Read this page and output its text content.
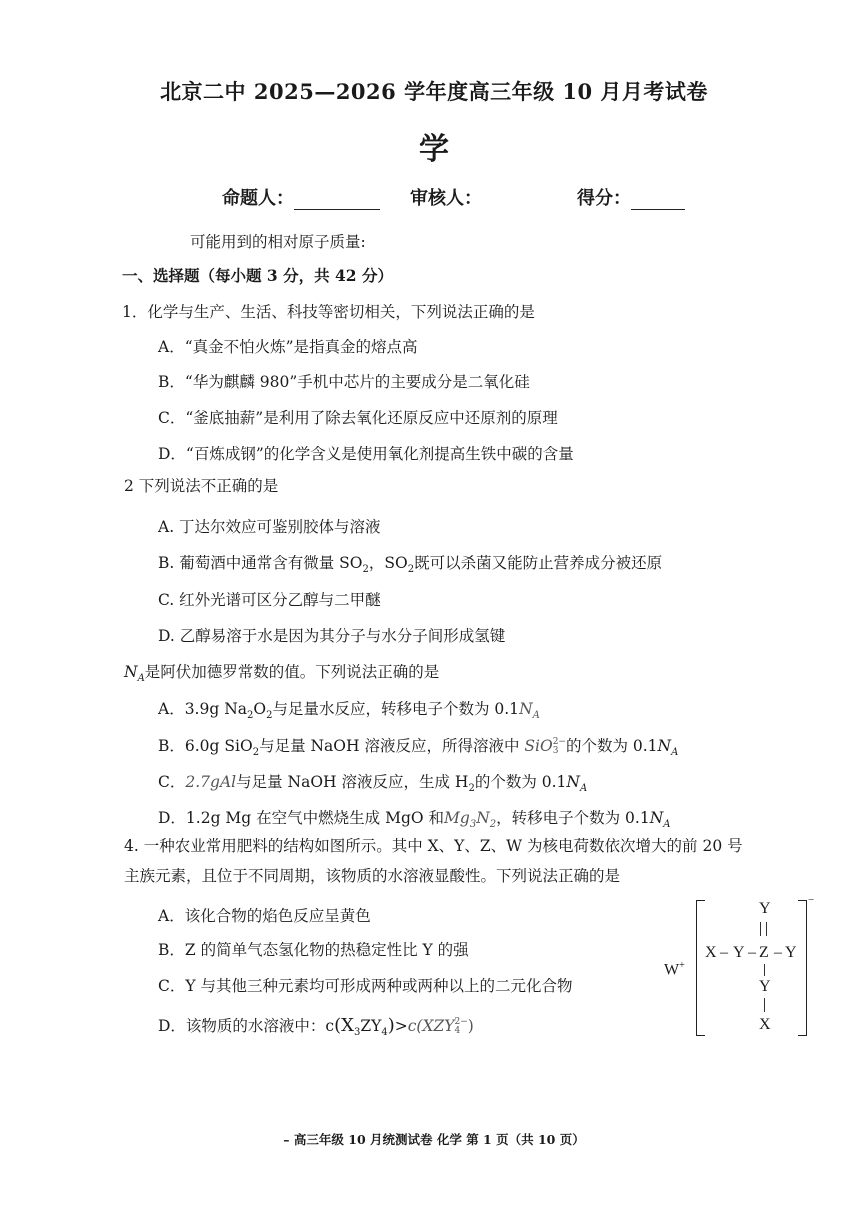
北京二中 2025—2026 学年度高三年级 10 月月考试卷
学
命题人：	审核人：	得分：
可能用到的相对原子质量:
一、选择题（每小题 3 分，共 42 分）
1．化学与生产、生活、科技等密切相关，下列说法正确的是
A．“真金不怕火炼”是指真金的熔点高
B．“华为麒麟 980”手机中芯片的主要成分是二氧化硅
C．“釜底抽薪”是利用了除去氧化还原反应中还原剂的原理
D．“百炼成钢”的化学含义是使用氧化剂提高生铁中碳的含量
2 下列说法不正确的是
A. 丁达尔效应可鉴别胶体与溶液
B. 葡萄酒中通常含有微量 $SO_2$，$SO_2$既可以杀菌又能防止营养成分被还原
C. 红外光谱可区分乙醇与二甲醚
D. 乙醇易溶于水是因为其分子与水分子间形成氢键
$N_A$是阿伏加德罗常数的值。下列说法正确的是
A．3.9g $Na_2O_2$与足量水反应，转移电子个数为 $0.1N_A$
B．6.0g SiO$_2$与足量 NaOH 溶液反应，所得溶液中 SiO 2−
3 的个数为 $0.1N_A$
C．2.7gAl与足量 NaOH 溶液反应，生成 $H_2$的个数为 $0.1N_A$
D．1.2g Mg 在空气中燃烧生成 MgO 和$Mg_3N_2$，转移电子个数为 $0.1N_A$
4. 一种农业常用肥料的结构如图所示。其中 X、Y、Z、W 为核电荷数依次增大的前 20 号
主族元素，且位于不同周期，该物质的水溶液显酸性。下列说法正确的是
A．该化合物的焰色反应呈黄色
B．Z 的简单气态氢化物的热稳定性比 Y 的强
C．Y 与其他三种元素均可形成两种或两种以上的二元化合物
D．该物质的水溶液中：$c(X_3ZY_4)>c(XZY$ 2−
4 )
W+
−
Y
X – Y – Z – Y
Y
X
– 高三年级 10 月统测试卷 化学 第 1 页（共 10 页）
